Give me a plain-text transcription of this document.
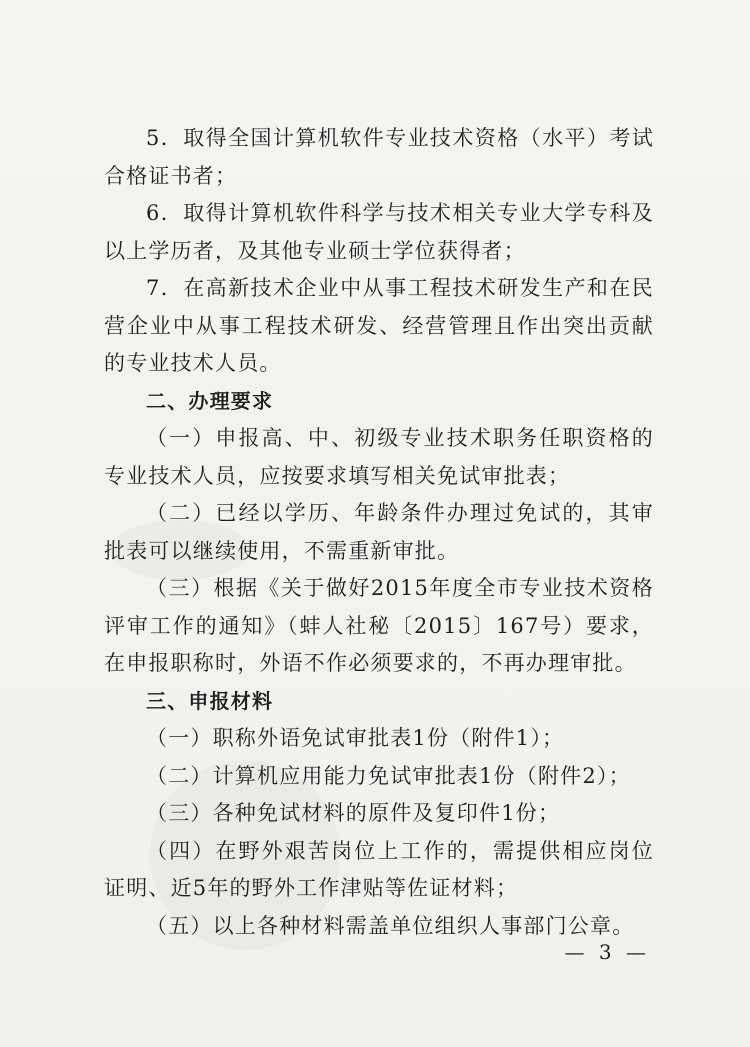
5．取得全国计算机软件专业技术资格（水平）考试合格证书者；

6．取得计算机软件科学与技术相关专业大学专科及以上学历者，及其他专业硕士学位获得者；

7．在高新技术企业中从事工程技术研发生产和在民营企业中从事工程技术研发、经营管理且作出突出贡献的专业技术人员。

二、办理要求

（一）申报高、中、初级专业技术职务任职资格的专业技术人员，应按要求填写相关免试审批表；

（二）已经以学历、年龄条件办理过免试的，其审批表可以继续使用，不需重新审批。

（三）根据《关于做好2015年度全市专业技术资格评审工作的通知》（蚌人社秘〔2015〕167号）要求，在申报职称时，外语不作必须要求的，不再办理审批。

三、申报材料

（一）职称外语免试审批表1份（附件1）；

（二）计算机应用能力免试审批表1份（附件2）；

（三）各种免试材料的原件及复印件1份；

（四）在野外艰苦岗位上工作的，需提供相应岗位证明、近5年的野外工作津贴等佐证材料；

（五）以上各种材料需盖单位组织人事部门公章。

— 3 —
